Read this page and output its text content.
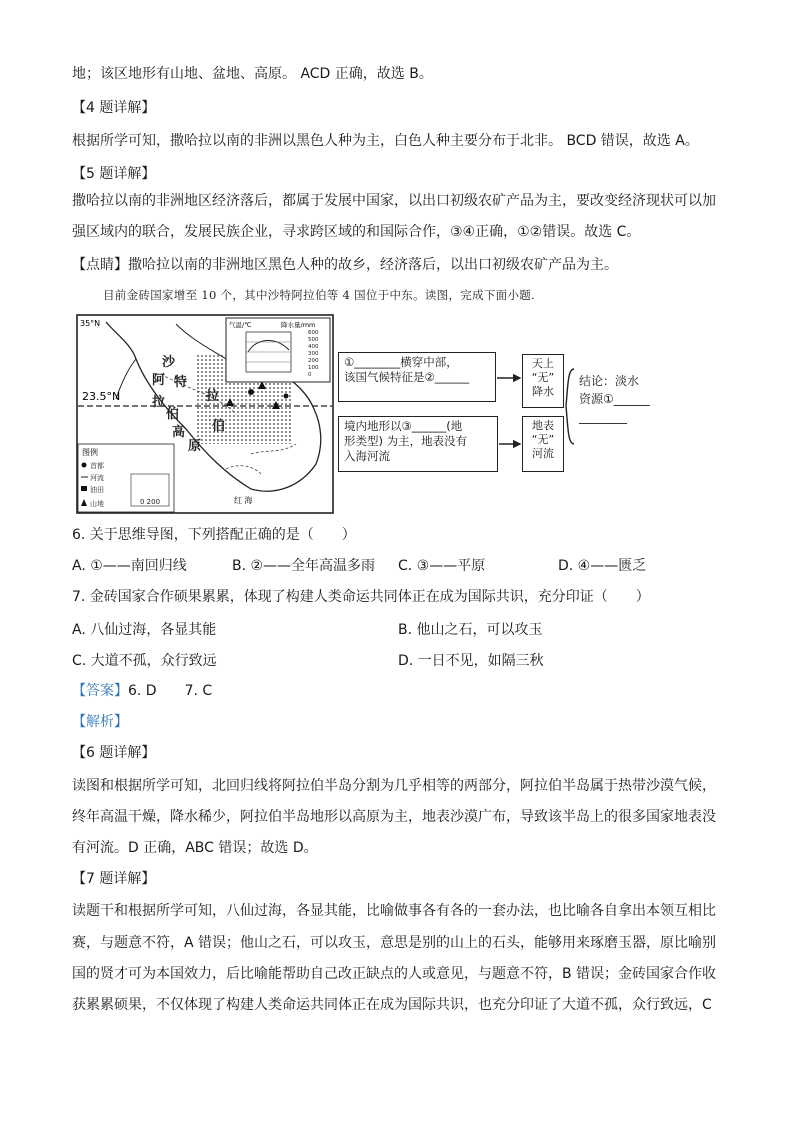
地；该区地形有山地、盆地、高原。 ACD 正确，故选 B。
【4 题详解】
根据所学可知，撒哈拉以南的非洲以黑色人种为主，白色人种主要分布于北非。 BCD 错误，故选 A。
【5 题详解】
撒哈拉以南的非洲地区经济落后，都属于发展中国家，以出口初级农矿产品为主，要改变经济现状可以加
强区域内的联合，发展民族企业，寻求跨区域的和国际合作，③④正确，①②错误。故选 C。
【点睛】撒哈拉以南的非洲地区黑色人种的故乡，经济落后，以出口初级农矿产品为主。
目前金砖国家增至 10 个，其中沙特阿拉伯等 4 国位于中东。读图，完成下面小题.
23.5°N
35°N
沙
特
阿
拉
伯
高
原
拉
伯
气温/℃	降水量/mm
600
500
400
300
200
100
0
图例
首都
河流
油田
山地	0 200	红 海
①________横穿中部，
该国气候特征是②______
境内地形以③______(地
形类型) 为主，地表没有
入海河流
天上
“无”
降水
地表
“无”
河流
结论：淡水
资源①______
________
6. 关于思维导图，下列搭配正确的是（　　）
A. ①——南回归线	B. ②——全年高温多雨 C. ③——平原	D. ④——匮乏
7. 金砖国家合作硕果累累，体现了构建人类命运共同体正在成为国际共识，充分印证（　　）
A. 八仙过海，各显其能	B. 他山之石，可以攻玉
C. 大道不孤，众行致远	D. 一日不见，如隔三秋
【答案】6. D　　7. C
【解析】
【6 题详解】
读图和根据所学可知，北回归线将阿拉伯半岛分割为几乎相等的两部分，阿拉伯半岛属于热带沙漠气候，
终年高温干燥，降水稀少，阿拉伯半岛地形以高原为主，地表沙漠广布，导致该半岛上的很多国家地表没
有河流。D 正确，ABC 错误；故选 D。
【7 题详解】
读题干和根据所学可知，八仙过海，各显其能，比喻做事各有各的一套办法，也比喻各自拿出本领互相比
赛，与题意不符，A 错误；他山之石，可以攻玉，意思是别的山上的石头，能够用来琢磨玉器，原比喻别
国的贤才可为本国效力，后比喻能帮助自己改正缺点的人或意见，与题意不符，B 错误；金砖国家合作收
获累累硕果，不仅体现了构建人类命运共同体正在成为国际共识，也充分印证了大道不孤，众行致远，C
